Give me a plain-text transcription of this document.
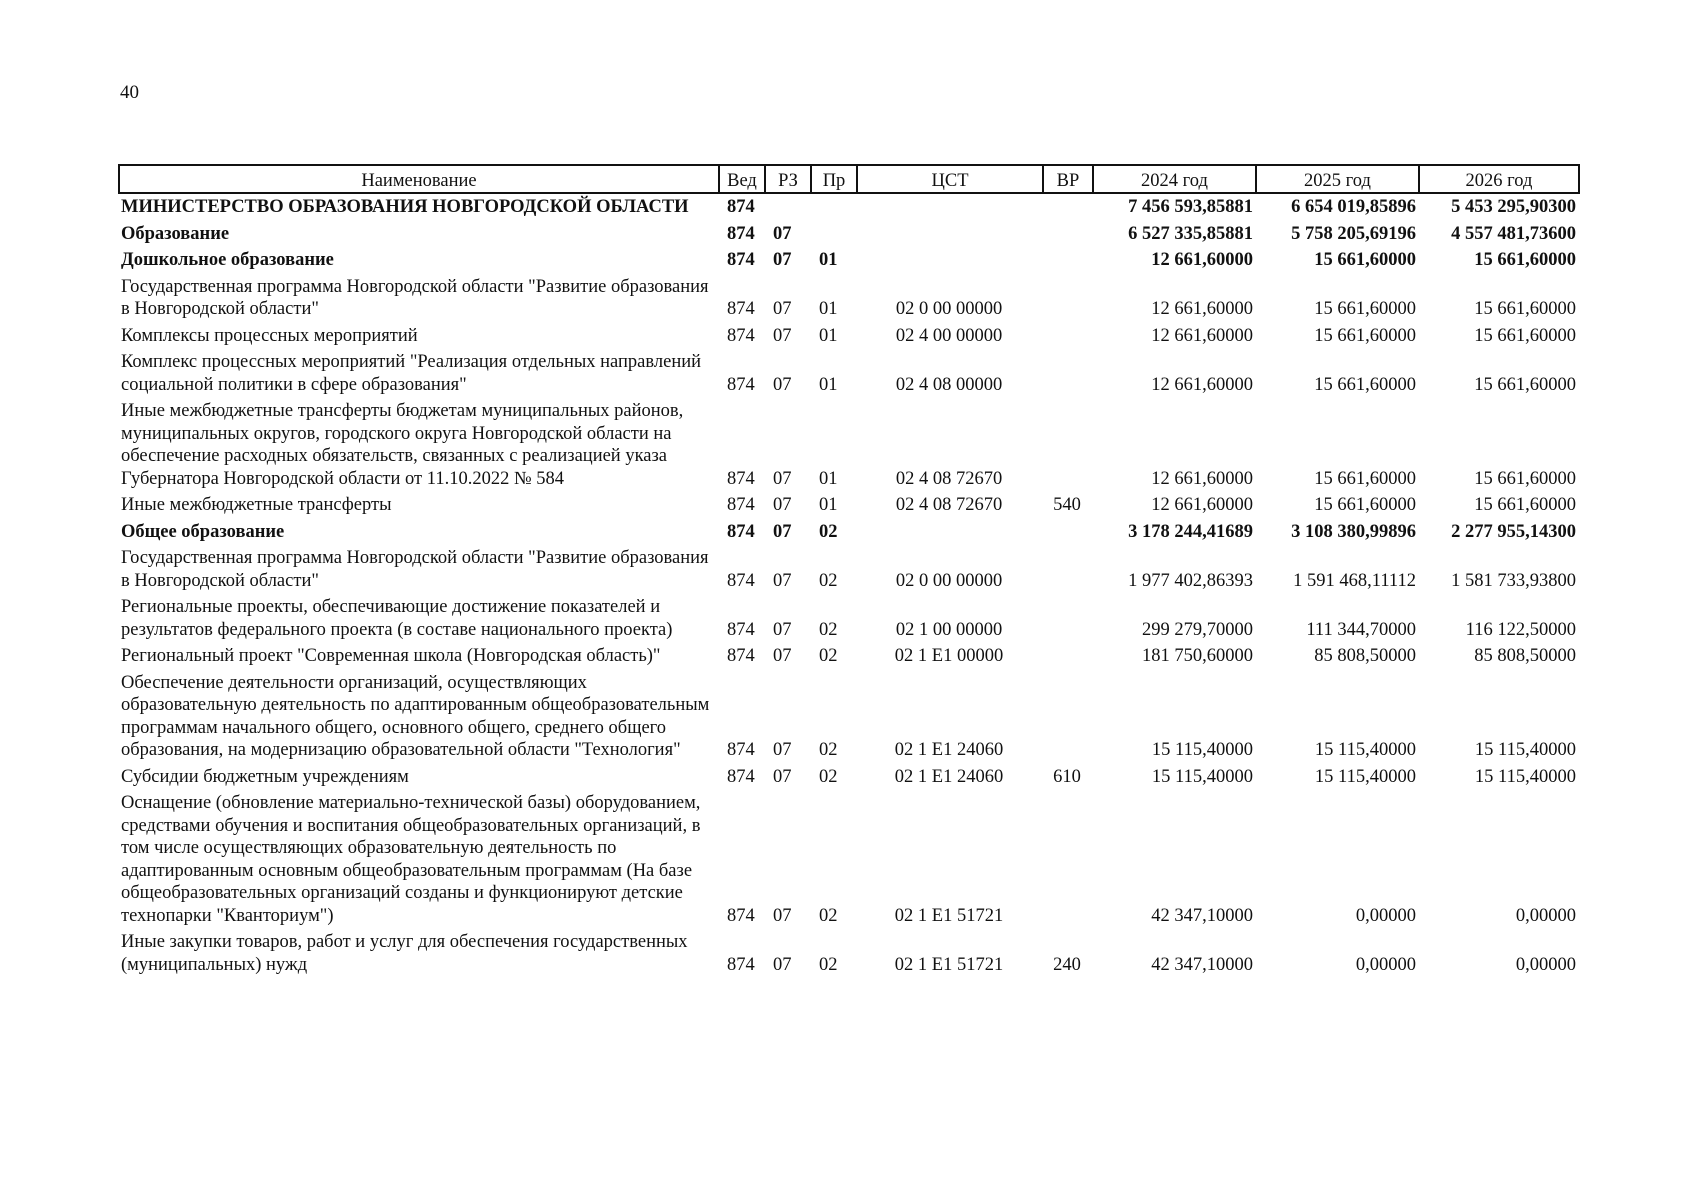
40
Наименование	Вед	РЗ	Пр	ЦСТ	ВР	2024 год	2025 год	2026 год
МИНИСТЕРСТВО ОБРАЗОВАНИЯ НОВГОРОДСКОЙ ОБЛАСТИ	874					7 456 593,85881	6 654 019,85896	5 453 295,90300
Образование	874	07				6 527 335,85881	5 758 205,69196	4 557 481,73600
Дошкольное образование	874	07	01			12 661,60000	15 661,60000	15 661,60000
Государственная программа Новгородской области "Развитие образования в Новгородской области"	874	07	01	02 0 00 00000		12 661,60000	15 661,60000	15 661,60000
Комплексы процессных мероприятий	874	07	01	02 4 00 00000		12 661,60000	15 661,60000	15 661,60000
Комплекс процессных мероприятий "Реализация отдельных направлений социальной политики в сфере образования"	874	07	01	02 4 08 00000		12 661,60000	15 661,60000	15 661,60000
Иные межбюджетные трансферты бюджетам муниципальных районов, муниципальных округов, городского округа Новгородской области на обеспечение расходных обязательств, связанных с реализацией указа Губернатора Новгородской области от 11.10.2022 № 584	874	07	01	02 4 08 72670		12 661,60000	15 661,60000	15 661,60000
Иные межбюджетные трансферты	874	07	01	02 4 08 72670	540	12 661,60000	15 661,60000	15 661,60000
Общее образование	874	07	02			3 178 244,41689	3 108 380,99896	2 277 955,14300
Государственная программа Новгородской области "Развитие образования в Новгородской области"	874	07	02	02 0 00 00000		1 977 402,86393	1 591 468,11112	1 581 733,93800
Региональные проекты, обеспечивающие достижение показателей и результатов федерального проекта (в составе национального проекта)	874	07	02	02 1 00 00000		299 279,70000	111 344,70000	116 122,50000
Региональный проект "Современная школа (Новгородская область)"	874	07	02	02 1 E1 00000		181 750,60000	85 808,50000	85 808,50000
Обеспечение деятельности организаций, осуществляющих образовательную деятельность по адаптированным общеобразовательным программам начального общего, основного общего, среднего общего образования, на модернизацию образовательной области "Технология"	874	07	02	02 1 E1 24060		15 115,40000	15 115,40000	15 115,40000
Субсидии бюджетным учреждениям	874	07	02	02 1 E1 24060	610	15 115,40000	15 115,40000	15 115,40000
Оснащение (обновление материально-технической базы) оборудованием, средствами обучения и воспитания общеобразовательных организаций, в том числе осуществляющих образовательную деятельность по адаптированным основным общеобразовательным программам (На базе общеобразовательных организаций созданы и функционируют детские технопарки "Кванториум")	874	07	02	02 1 E1 51721		42 347,10000	0,00000	0,00000
Иные закупки товаров, работ и услуг для обеспечения государственных (муниципальных) нужд	874	07	02	02 1 E1 51721	240	42 347,10000	0,00000	0,00000
